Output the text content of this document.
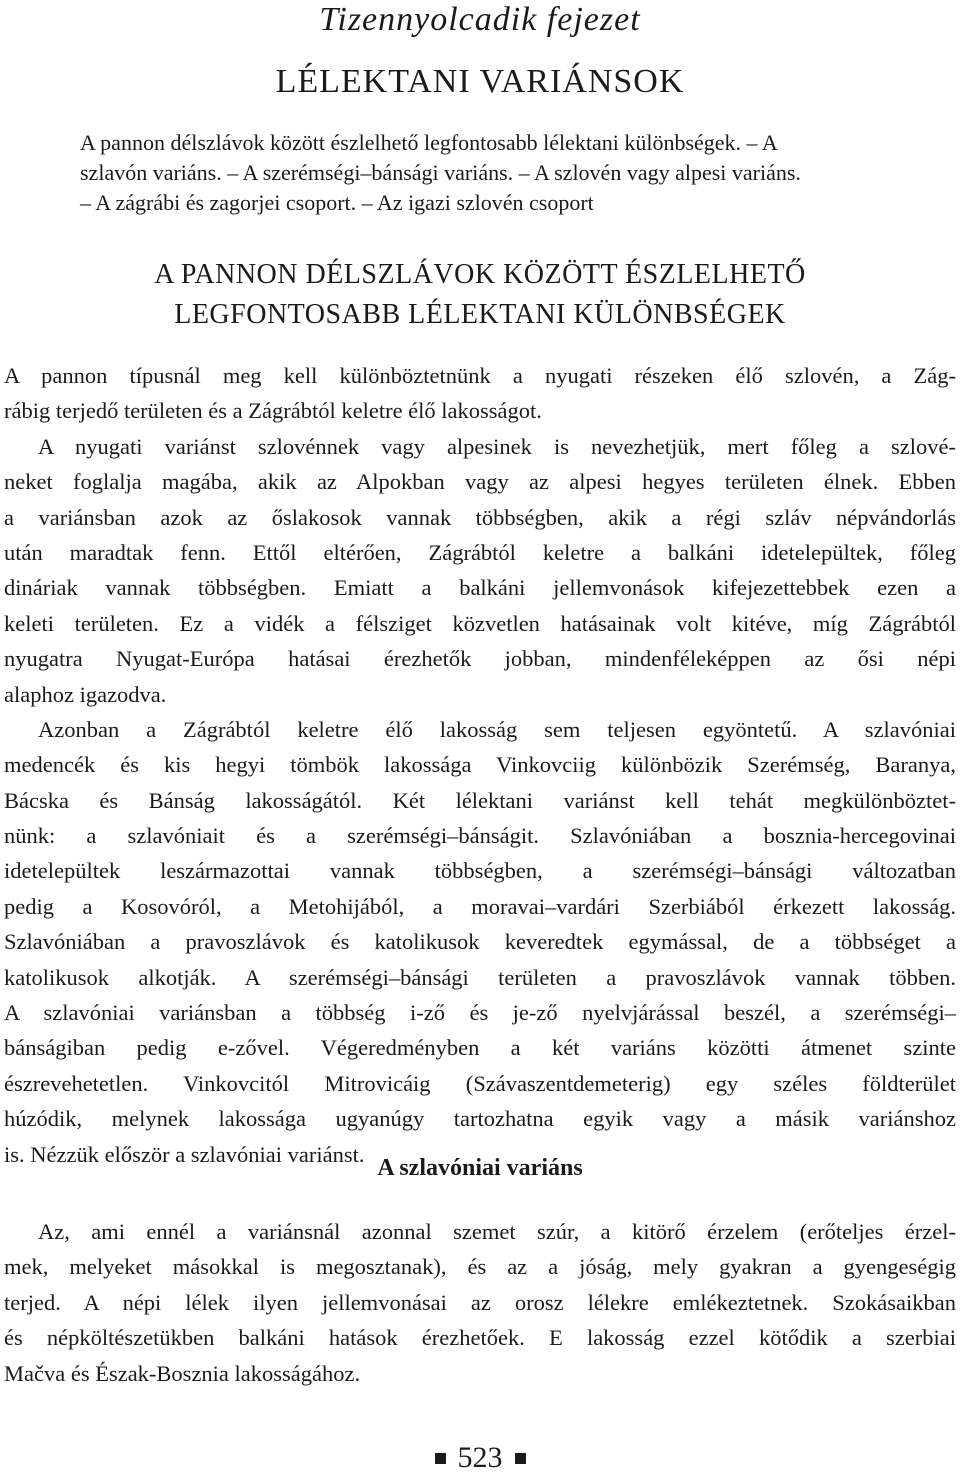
Tizennyolcadik fejezet
LÉLEKTANI VARIÁNSOK
A pannon délszlávok között észlelhető legfontosabb lélektani különbségek. – A
szlavón variáns. – A szerémségi–bánsági variáns. – A szlovén vagy alpesi variáns.
– A zágrábi és zagorjei csoport. – Az igazi szlovén csoport
A PANNON DÉLSZLÁVOK KÖZÖTT ÉSZLELHETŐ
LEGFONTOSABB LÉLEKTANI KÜLÖNBSÉGEK
A pannon típusnál meg kell különböztetnünk a nyugati részeken élő szlovén, a Zág-
rábig terjedő területen és a Zágrábtól keletre élő lakosságot.
A nyugati variánst szlovénnek vagy alpesinek is nevezhetjük, mert főleg a szlové-
neket foglalja magába, akik az Alpokban vagy az alpesi hegyes területen élnek. Ebben
a variánsban azok az őslakosok vannak többségben, akik a régi szláv népvándorlás
után maradtak fenn. Ettől eltérően, Zágrábtól keletre a balkáni idetelepültek, főleg
dináriak vannak többségben. Emiatt a balkáni jellemvonások kifejezettebbek ezen a
keleti területen. Ez a vidék a félsziget közvetlen hatásainak volt kitéve, míg Zágrábtól
nyugatra Nyugat-Európa hatásai érezhetők jobban, mindenféleképpen az ősi népi
alaphoz igazodva.
Azonban a Zágrábtól keletre élő lakosság sem teljesen egyöntetű. A szlavóniai
medencék és kis hegyi tömbök lakossága Vinkovciig különbözik Szerémség, Baranya,
Bácska és Bánság lakosságától. Két lélektani variánst kell tehát megkülönböztet-
nünk: a szlavóniait és a szerémségi–bánságit. Szlavóniában a bosznia-hercegovinai
idetelepültek leszármazottai vannak többségben, a szerémségi–bánsági változatban
pedig a Kosovóról, a Metohijából, a moravai–vardári Szerbiából érkezett lakosság.
Szlavóniában a pravoszlávok és katolikusok keveredtek egymással, de a többséget a
katolikusok alkotják. A szerémségi–bánsági területen a pravoszlávok vannak többen.
A szlavóniai variánsban a többség i-ző és je-ző nyelvjárással beszél, a szerémségi–
bánságiban pedig e-zővel. Végeredményben a két variáns közötti átmenet szinte
észrevehetetlen. Vinkovcitól Mitrovicáig (Szávaszentdemeterig) egy széles földterület
húzódik, melynek lakossága ugyanúgy tartozhatna egyik vagy a másik variánshoz
is. Nézzük először a szlavóniai variánst.
A szlavóniai variáns
Az, ami ennél a variánsnál azonnal szemet szúr, a kitörő érzelem (erőteljes érzel-
mek, melyeket másokkal is megosztanak), és az a jóság, mely gyakran a gyengeségig
terjed. A népi lélek ilyen jellemvonásai az orosz lélekre emlékeztetnek. Szokásaikban
és népköltészetükben balkáni hatások érezhetőek. E lakosság ezzel kötődik a szerbiai
Mačva és Észak-Bosznia lakosságához.
523
